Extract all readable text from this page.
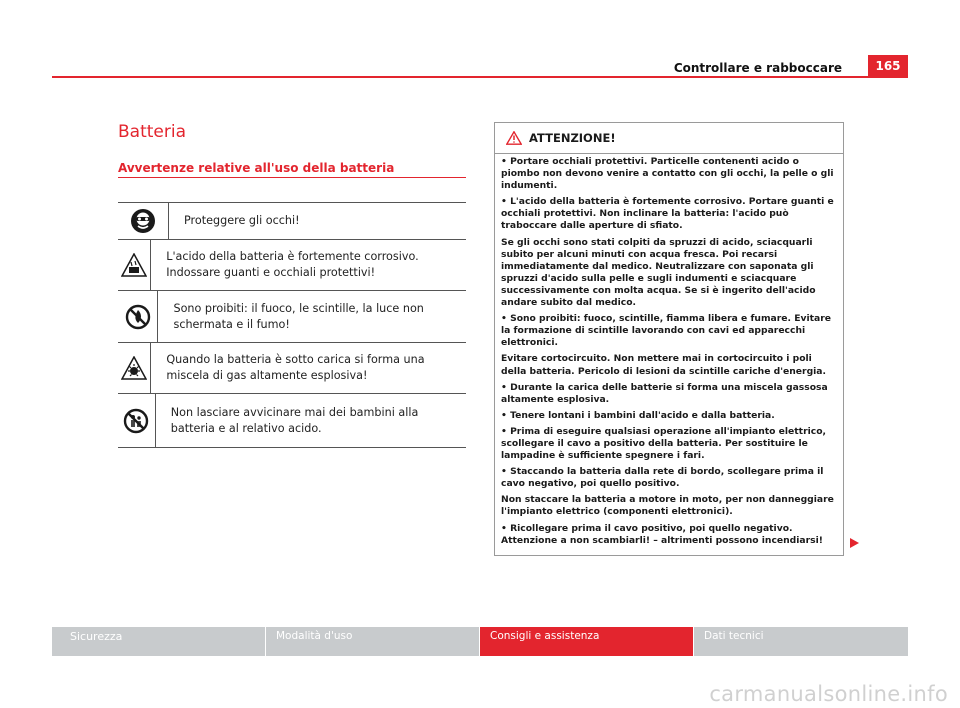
Controllare e rabboccare	165
Batteria
Avvertenze relative all'uso della batteria
Proteggere gli occhi!
L'acido della batteria è fortemente corrosivo. Indossare guanti e occhiali protettivi!
Sono proibiti: il fuoco, le scintille, la luce non schermata e il fumo!
Quando la batteria è sotto carica si forma una miscela di gas altamente esplosiva!
Non lasciare avvicinare mai dei bambini alla batteria e al relativo acido.
ATTENZIONE!

• Portare occhiali protettivi. Particelle contenenti acido o piombo non devono venire a contatto con gli occhi, la pelle o gli indumenti.

• L'acido della batteria è fortemente corrosivo. Portare guanti e occhiali protettivi. Non inclinare la batteria: l'acido può traboccare dalle aperture di sfiato.

Se gli occhi sono stati colpiti da spruzzi di acido, sciacquarli subito per alcuni minuti con acqua fresca. Poi recarsi immediatamente dal medico. Neutralizzare con saponata gli spruzzi d'acido sulla pelle e sugli indumenti e sciacquare successivamente con molta acqua. Se si è ingerito dell'acido andare subito dal medico.

• Sono proibiti: fuoco, scintille, fiamma libera e fumare. Evitare la formazione di scintille lavorando con cavi ed apparecchi elettronici.

Evitare cortocircuito. Non mettere mai in cortocircuito i poli della batteria. Pericolo di lesioni da scintille cariche d'energia.

• Durante la carica delle batterie si forma una miscela gassosa altamente esplosiva.

• Tenere lontani i bambini dall'acido e dalla batteria.

• Prima di eseguire qualsiasi operazione all'impianto elettrico, scollegare il cavo a positivo della batteria. Per sostituire le lampadine è sufficiente spegnere i fari.

• Staccando la batteria dalla rete di bordo, scollegare prima il cavo negativo, poi quello positivo.

Non staccare la batteria a motore in moto, per non danneggiare l'impianto elettrico (componenti elettronici).

• Ricollegare prima il cavo positivo, poi quello negativo. Attenzione a non scambiarli! – altrimenti possono incendiarsi!

Sicurezza	Modalità d'uso	Consigli e assistenza	Dati tecnici
carmanualsonline.info
